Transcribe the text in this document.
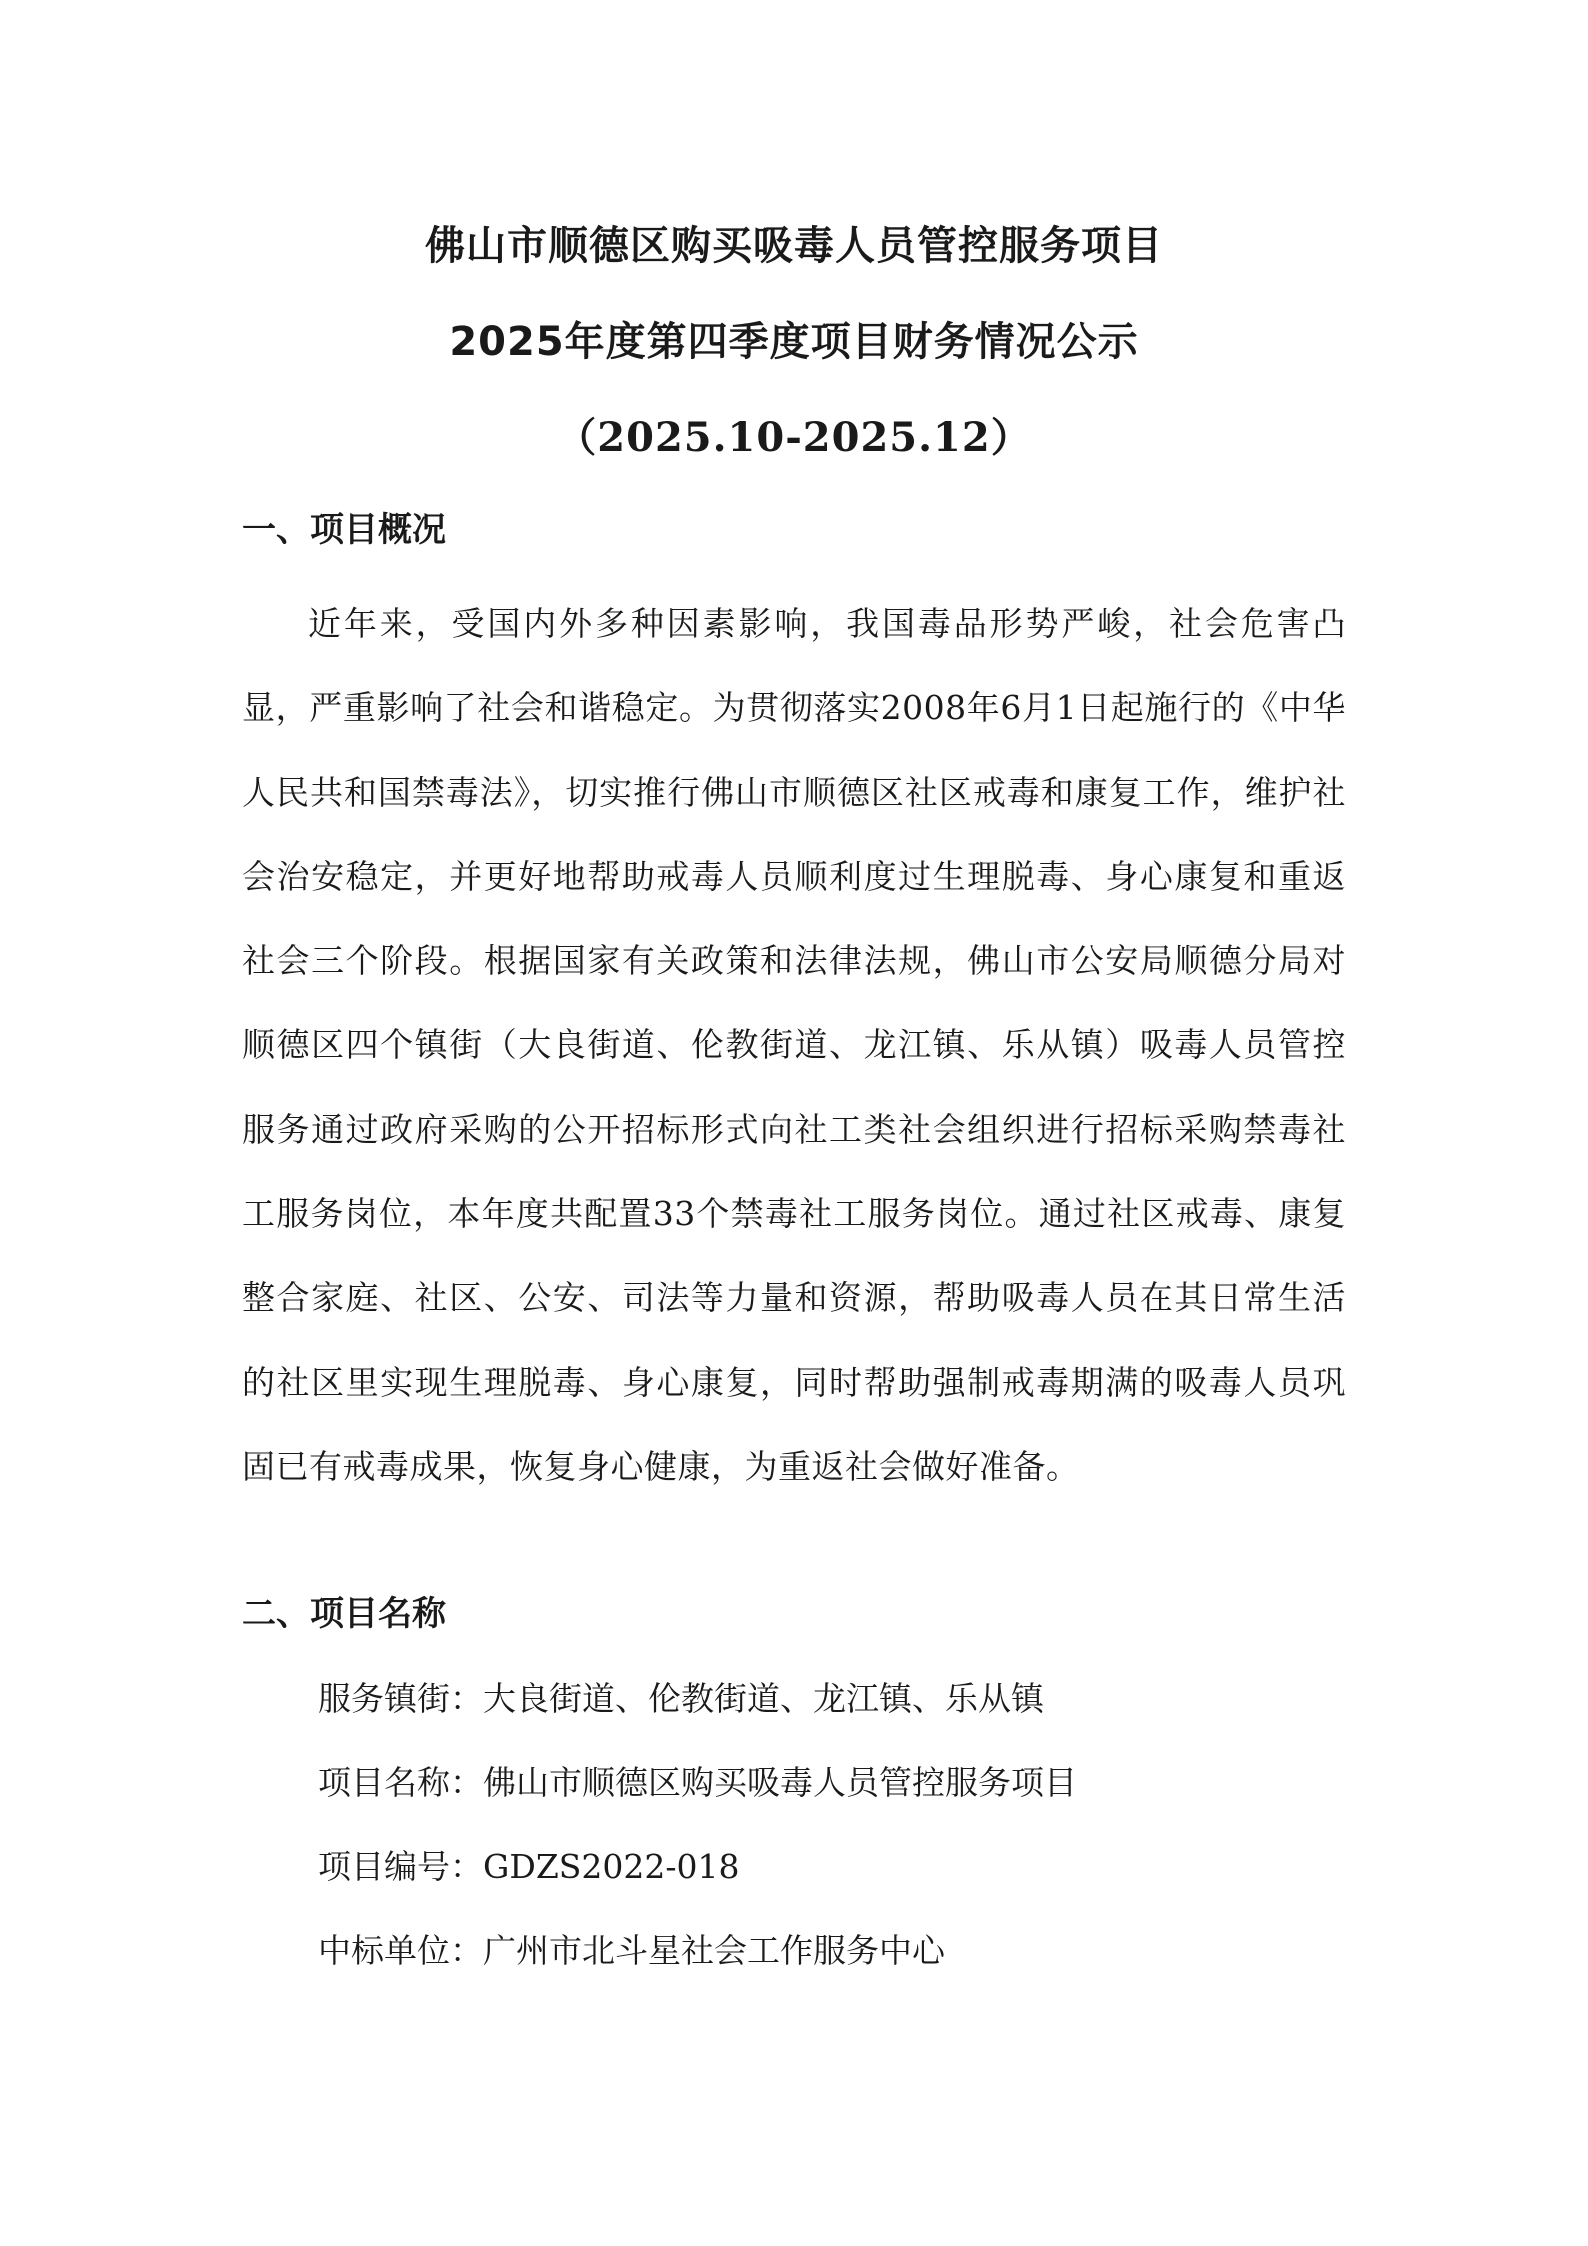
佛山市顺德区购买吸毒人员管控服务项目
2025年度第四季度项目财务情况公示
（2025.10-2025.12）
一、项目概况

近年来，受国内外多种因素影响，我国毒品形势严峻，社会危害凸显，严重影响了社会和谐稳定。为贯彻落实2008年6月1日起施行的《中华人民共和国禁毒法》，切实推行佛山市顺德区社区戒毒和康复工作，维护社会治安稳定，并更好地帮助戒毒人员顺利度过生理脱毒、身心康复和重返社会三个阶段。根据国家有关政策和法律法规，佛山市公安局顺德分局对顺德区四个镇街（大良街道、伦教街道、龙江镇、乐从镇）吸毒人员管控服务通过政府采购的公开招标形式向社工类社会组织进行招标采购禁毒社工服务岗位，本年度共配置33个禁毒社工服务岗位。通过社区戒毒、康复整合家庭、社区、公安、司法等力量和资源，帮助吸毒人员在其日常生活的社区里实现生理脱毒、身心康复，同时帮助强制戒毒期满的吸毒人员巩固已有戒毒成果，恢复身心健康，为重返社会做好准备。

二、项目名称

服务镇街：大良街道、伦教街道、龙江镇、乐从镇

项目名称：佛山市顺德区购买吸毒人员管控服务项目

项目编号：GDZS2022-018

中标单位：广州市北斗星社会工作服务中心
